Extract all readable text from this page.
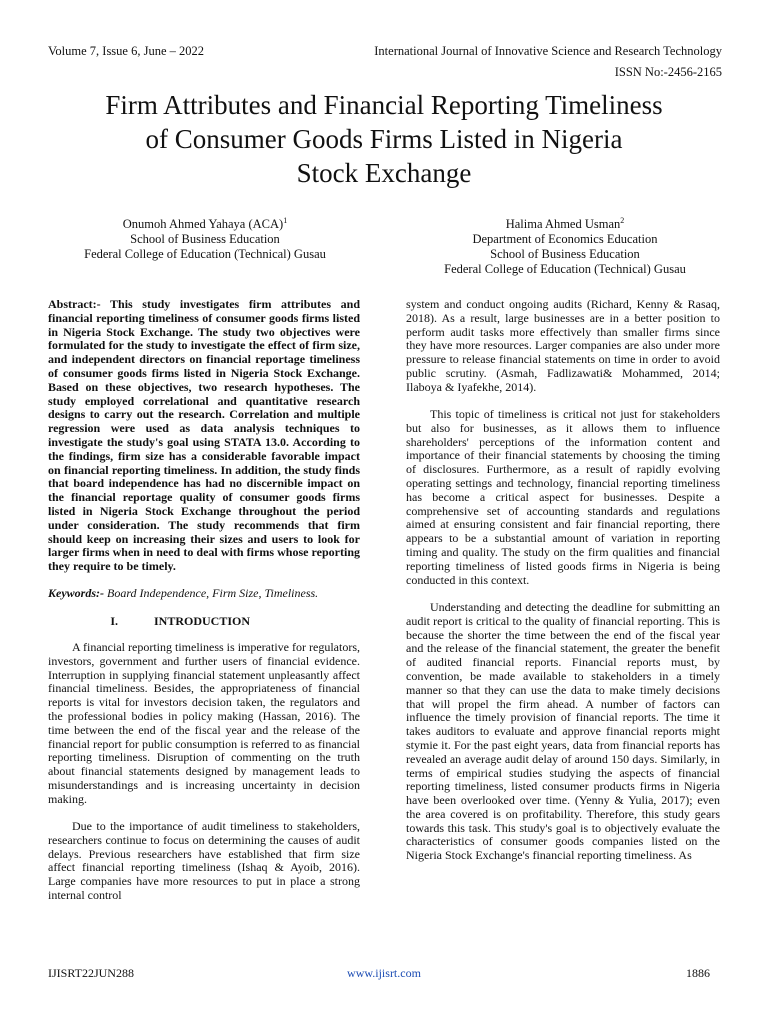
Volume 7, Issue 6, June – 2022	International Journal of Innovative Science and Research Technology
ISSN No:-2456-2165
Firm Attributes and Financial Reporting Timeliness
of Consumer Goods Firms Listed in Nigeria
Stock Exchange
Onumoh Ahmed Yahaya (ACA)$^1$
School of Business Education
Federal College of Education (Technical) Gusau
Halima Ahmed Usman$^2$
Department of Economics Education
School of Business Education
Federal College of Education (Technical) Gusau

Abstract:- This study investigates firm attributes and financial reporting timeliness of consumer goods firms listed in Nigeria Stock Exchange. The study two objectives were formulated for the study to investigate the effect of firm size, and independent directors on financial reportage timeliness of consumer goods firms listed in Nigeria Stock Exchange. Based on these objectives, two research hypotheses. The study employed correlational and quantitative research designs to carry out the research. Correlation and multiple regression were used as data analysis techniques to investigate the study's goal using STATA 13.0. According to the findings, firm size has a considerable favorable impact on financial reporting timeliness. In addition, the study finds that board independence has had no discernible impact on the financial reportage quality of consumer goods firms listed in Nigeria Stock Exchange throughout the period under consideration. The study recommends that firm should keep on increasing their sizes and users to look for larger firms when in need to deal with firms whose reporting they require to be timely.

Keywords:- Board Independence, Firm Size, Timeliness.

I.	INTRODUCTION

A financial reporting timeliness is imperative for regulators, investors, government and further users of financial evidence. Interruption in supplying financial statement unpleasantly affect financial timeliness. Besides, the appropriateness of financial reports is vital for investors decision taken, the regulators and the professional bodies in policy making (Hassan, 2016). The time between the end of the fiscal year and the release of the financial report for public consumption is referred to as financial reporting timeliness. Disruption of commenting on the truth about financial statements designed by management leads to misunderstandings and is increasing uncertainty in decision making.

Due to the importance of audit timeliness to stakeholders, researchers continue to focus on determining the causes of audit delays. Previous researchers have established that firm size affect financial reporting timeliness (Ishaq & Ayoib, 2016). Large companies have more resources to put in place a strong internal control

system and conduct ongoing audits (Richard, Kenny & Rasaq, 2018). As a result, large businesses are in a better position to perform audit tasks more effectively than smaller firms since they have more resources. Larger companies are also under more pressure to release financial statements on time in order to avoid public scrutiny. (Asmah, Fadlizawati& Mohammed, 2014; Ilaboya & Iyafekhe, 2014).

This topic of timeliness is critical not just for stakeholders but also for businesses, as it allows them to influence shareholders' perceptions of the information content and importance of their financial statements by choosing the timing of disclosures. Furthermore, as a result of rapidly evolving operating settings and technology, financial reporting timeliness has become a critical aspect for businesses. Despite a comprehensive set of accounting standards and regulations aimed at ensuring consistent and fair financial reporting, there appears to be a substantial amount of variation in reporting timing and quality. The study on the firm qualities and financial reporting timeliness of listed goods firms in Nigeria is being conducted in this context.

Understanding and detecting the deadline for submitting an audit report is critical to the quality of financial reporting. This is because the shorter the time between the end of the fiscal year and the release of the financial statement, the greater the benefit of audited financial reports. Financial reports must, by convention, be made available to stakeholders in a timely manner so that they can use the data to make timely decisions that will propel the firm ahead. A number of factors can influence the timely provision of financial reports. The time it takes auditors to evaluate and approve financial reports might stymie it. For the past eight years, data from financial reports has revealed an average audit delay of around 150 days. Similarly, in terms of empirical studies studying the aspects of financial reporting timeliness, listed consumer products firms in Nigeria have been overlooked over time. (Yenny & Yulia, 2017); even the area covered is on profitability. Therefore, this study gears towards this task. This study's goal is to objectively evaluate the characteristics of consumer goods companies listed on the Nigeria Stock Exchange's financial reporting timeliness. As

IJISRT22JUN288	www.ijisrt.com	1886
